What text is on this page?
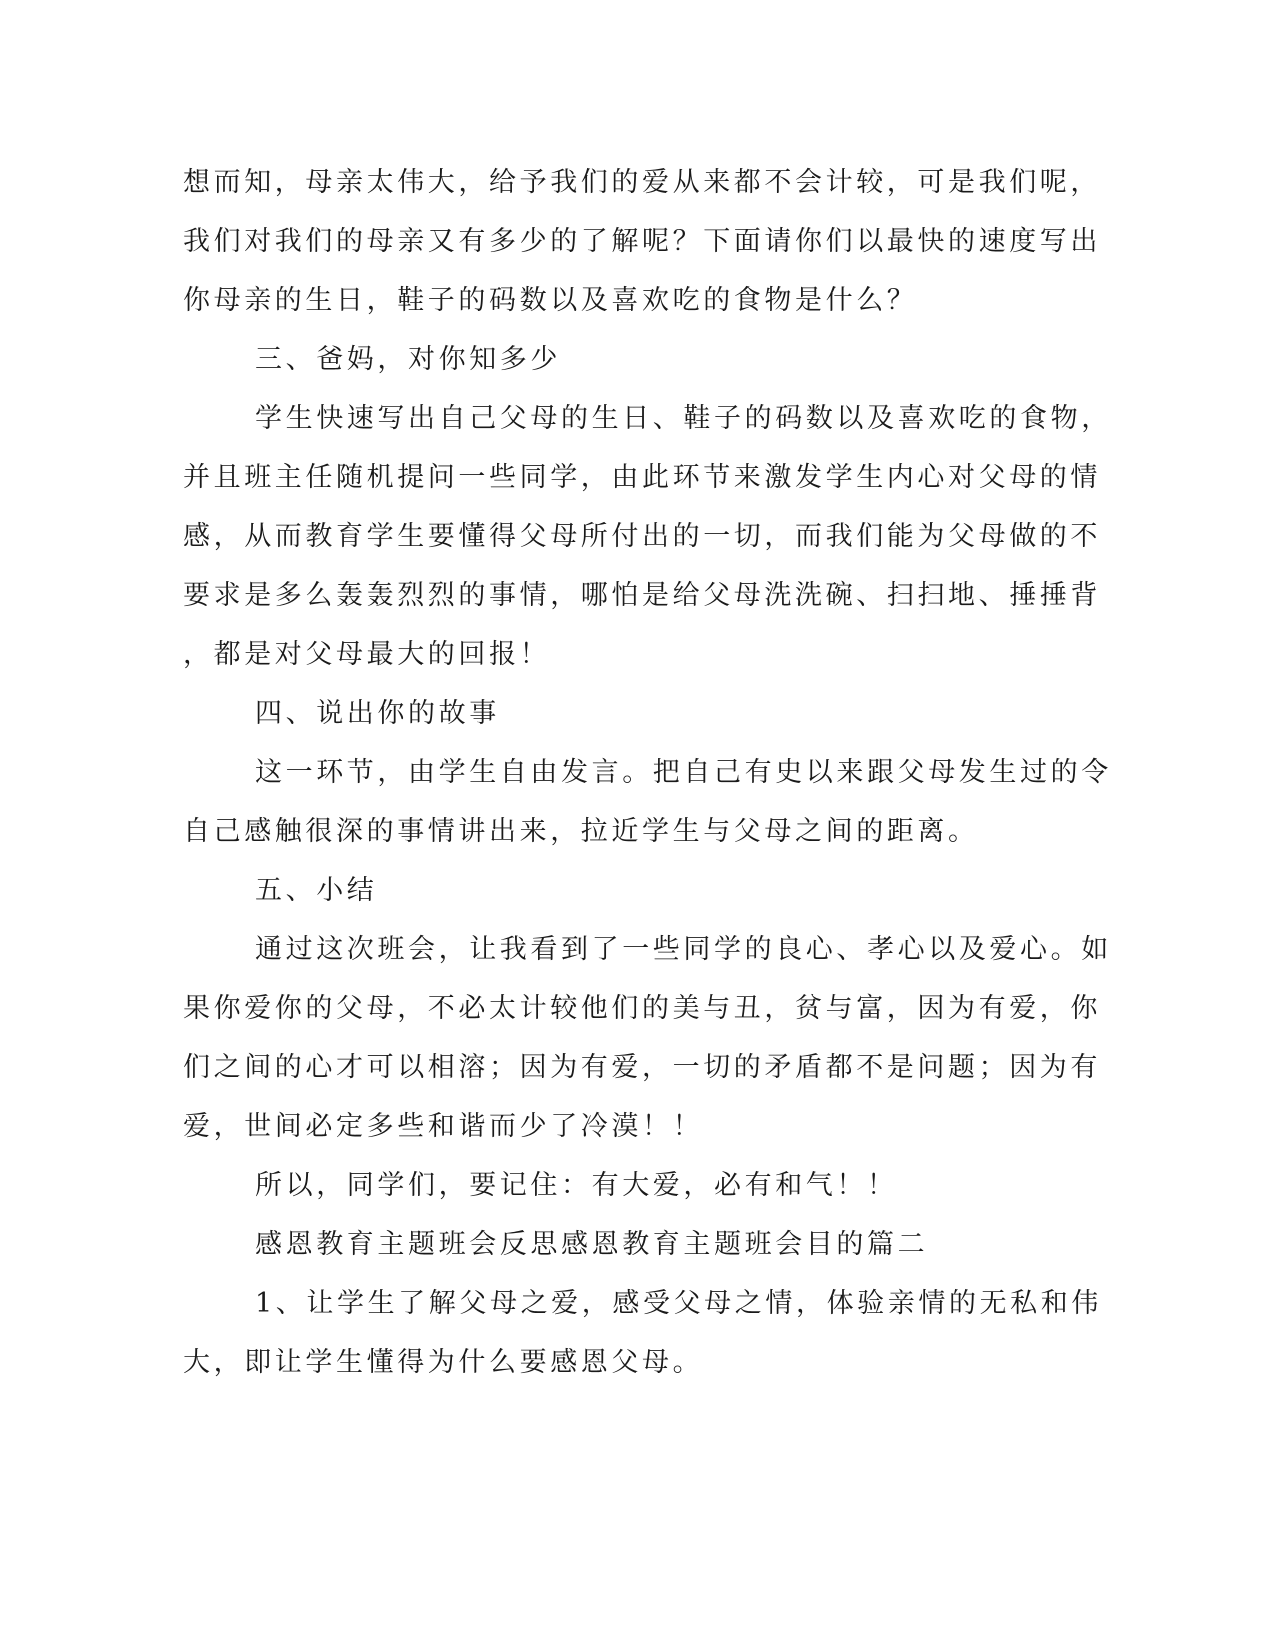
想而知，母亲太伟大，给予我们的爱从来都不会计较，可是我们呢，
我们对我们的母亲又有多少的了解呢？下面请你们以最快的速度写出
你母亲的生日，鞋子的码数以及喜欢吃的食物是什么？
三、爸妈，对你知多少
学生快速写出自己父母的生日、鞋子的码数以及喜欢吃的食物，
并且班主任随机提问一些同学，由此环节来激发学生内心对父母的情
感，从而教育学生要懂得父母所付出的一切，而我们能为父母做的不
要求是多么轰轰烈烈的事情，哪怕是给父母洗洗碗、扫扫地、捶捶背
，都是对父母最大的回报！
四、说出你的故事
这一环节，由学生自由发言。把自己有史以来跟父母发生过的令
自己感触很深的事情讲出来，拉近学生与父母之间的距离。
五、小结
通过这次班会，让我看到了一些同学的良心、孝心以及爱心。如
果你爱你的父母，不必太计较他们的美与丑，贫与富，因为有爱，你
们之间的心才可以相溶；因为有爱，一切的矛盾都不是问题；因为有
爱，世间必定多些和谐而少了冷漠！！
所以，同学们，要记住：有大爱，必有和气！！
感恩教育主题班会反思感恩教育主题班会目的篇二
1、让学生了解父母之爱，感受父母之情，体验亲情的无私和伟
大，即让学生懂得为什么要感恩父母。
